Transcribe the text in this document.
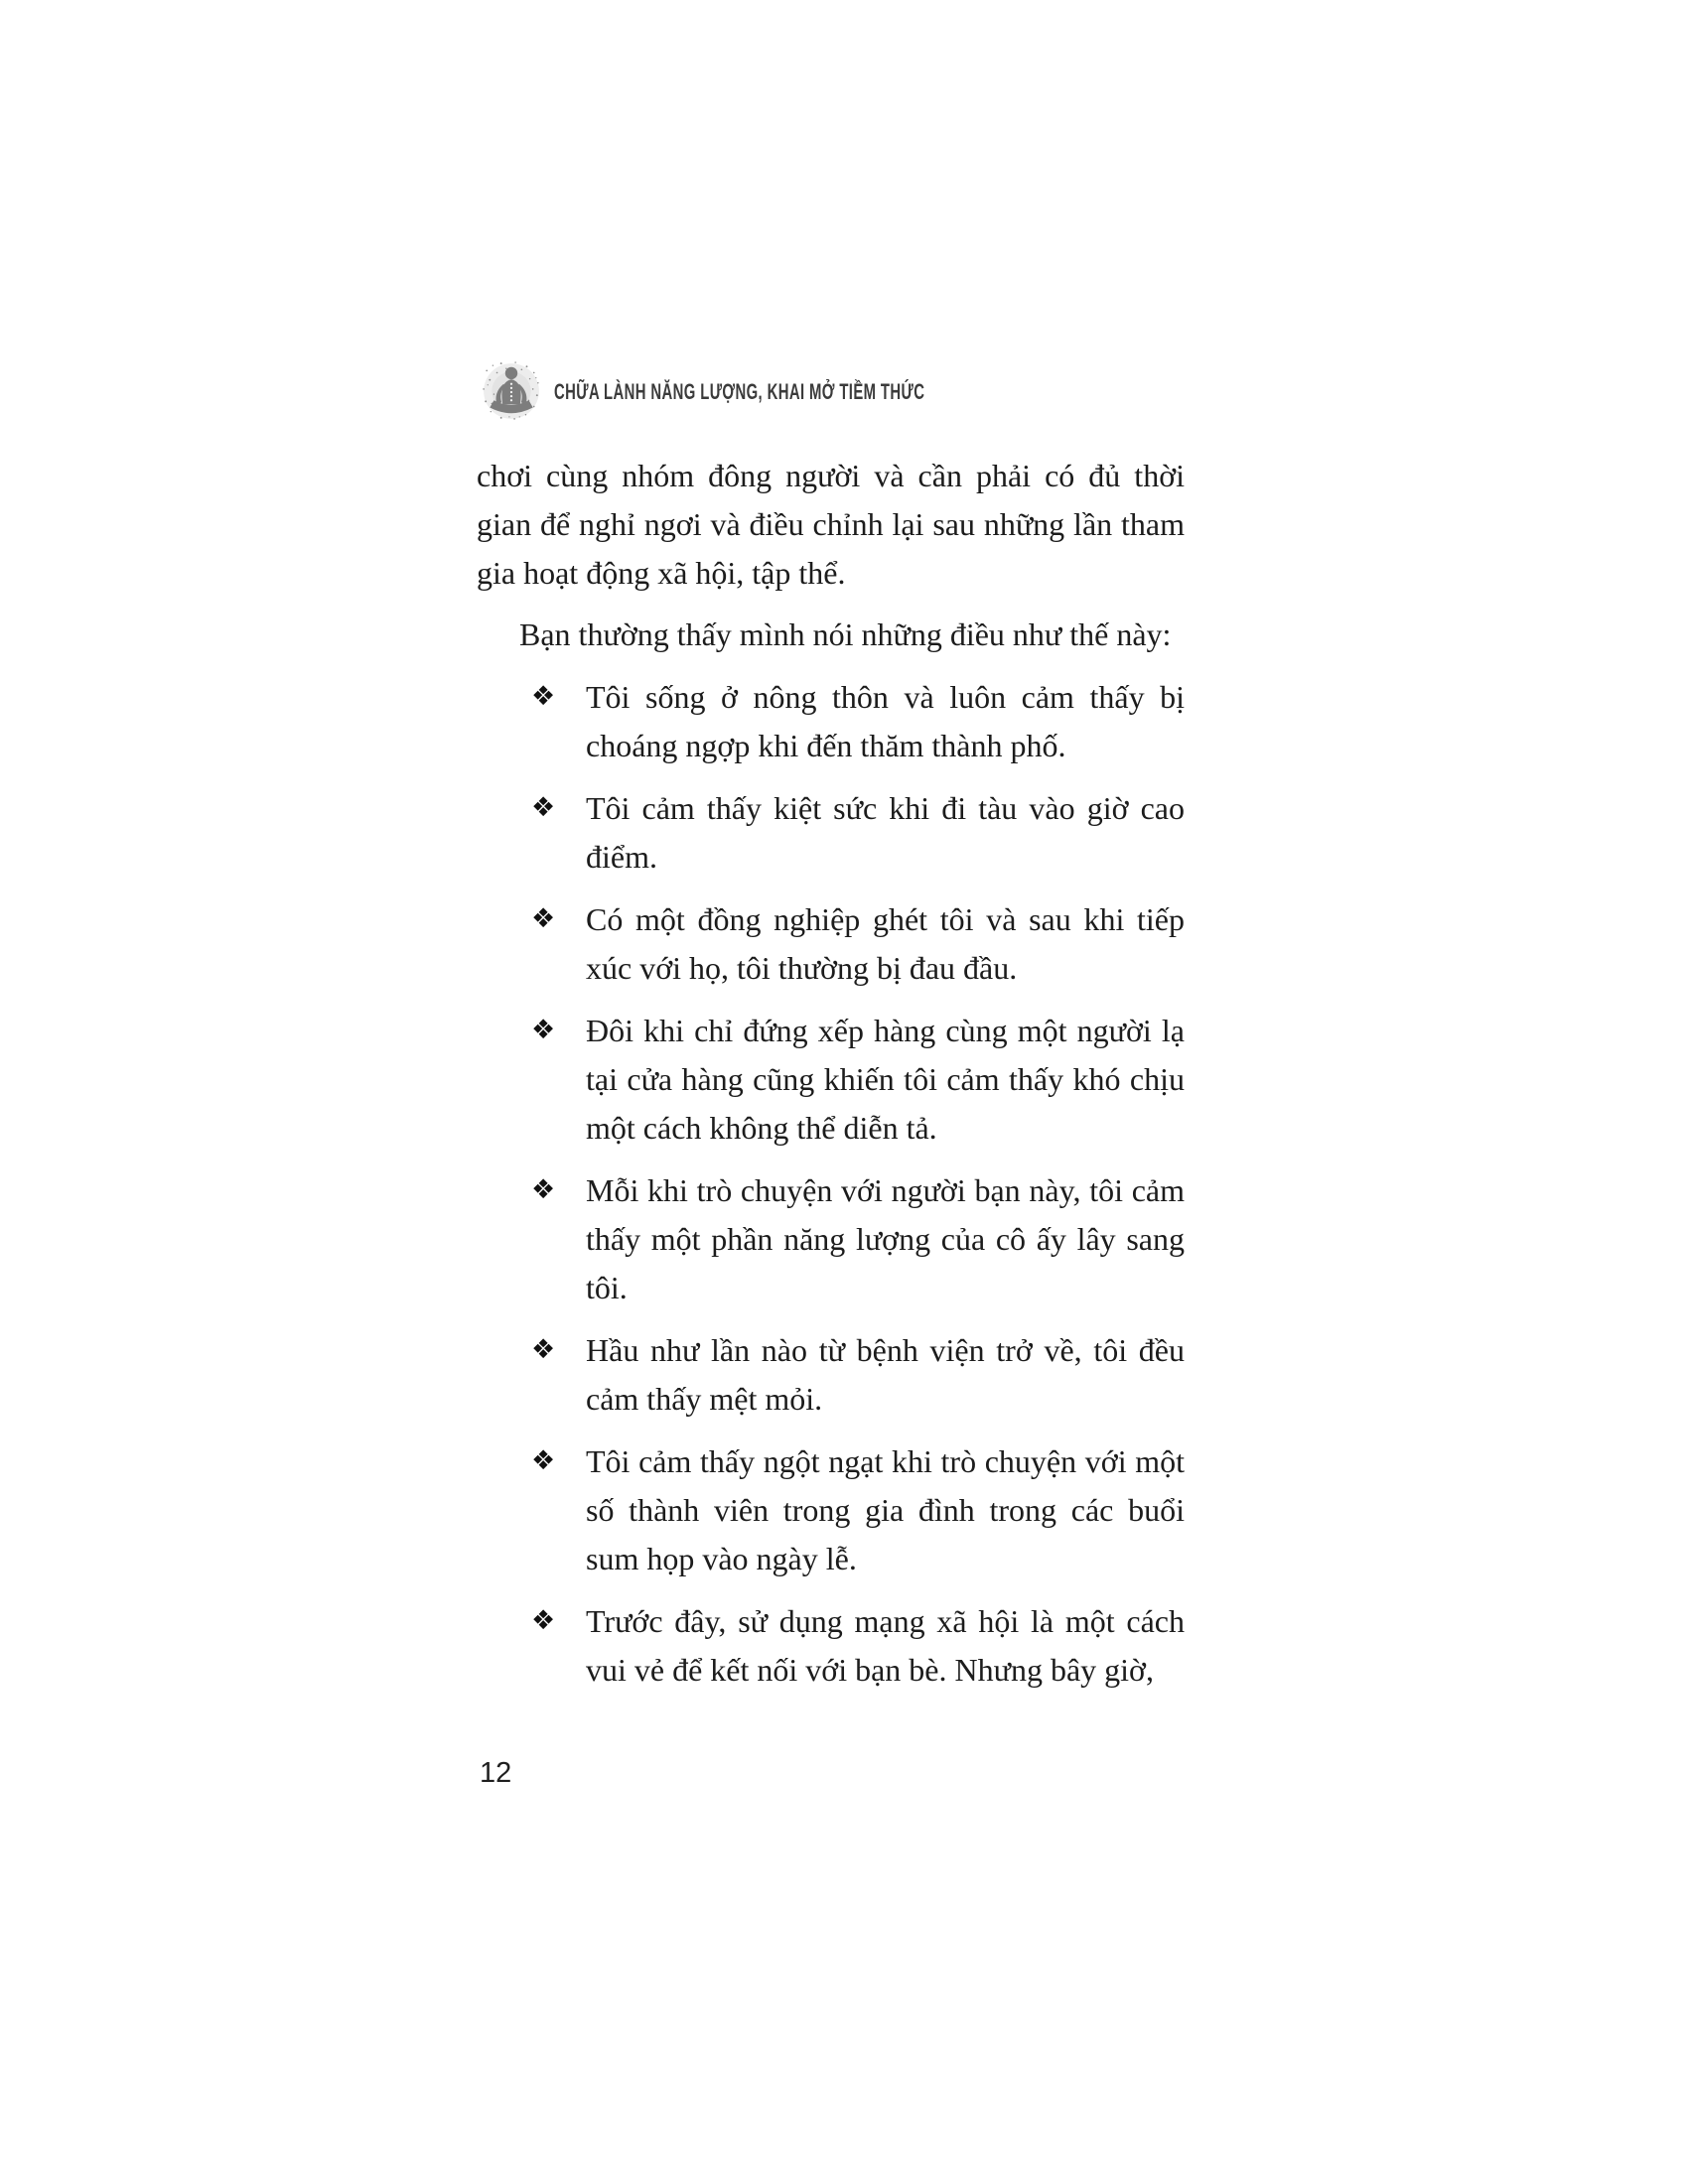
CHỮA LÀNH NĂNG LƯỢNG, KHAI MỞ TIỀM THỨC

chơi cùng nhóm đông người và cần phải có đủ thời gian để nghỉ ngơi và điều chỉnh lại sau những lần tham gia hoạt động xã hội, tập thể.

Bạn thường thấy mình nói những điều như thế này:

❖ Tôi sống ở nông thôn và luôn cảm thấy bị choáng ngợp khi đến thăm thành phố.
❖ Tôi cảm thấy kiệt sức khi đi tàu vào giờ cao điểm.
❖ Có một đồng nghiệp ghét tôi và sau khi tiếp xúc với họ, tôi thường bị đau đầu.
❖ Đôi khi chỉ đứng xếp hàng cùng một người lạ tại cửa hàng cũng khiến tôi cảm thấy khó chịu một cách không thể diễn tả.
❖ Mỗi khi trò chuyện với người bạn này, tôi cảm thấy một phần năng lượng của cô ấy lây sang tôi.
❖ Hầu như lần nào từ bệnh viện trở về, tôi đều cảm thấy mệt mỏi.
❖ Tôi cảm thấy ngột ngạt khi trò chuyện với một số thành viên trong gia đình trong các buổi sum họp vào ngày lễ.
❖ Trước đây, sử dụng mạng xã hội là một cách vui vẻ để kết nối với bạn bè. Nhưng bây giờ,
12
